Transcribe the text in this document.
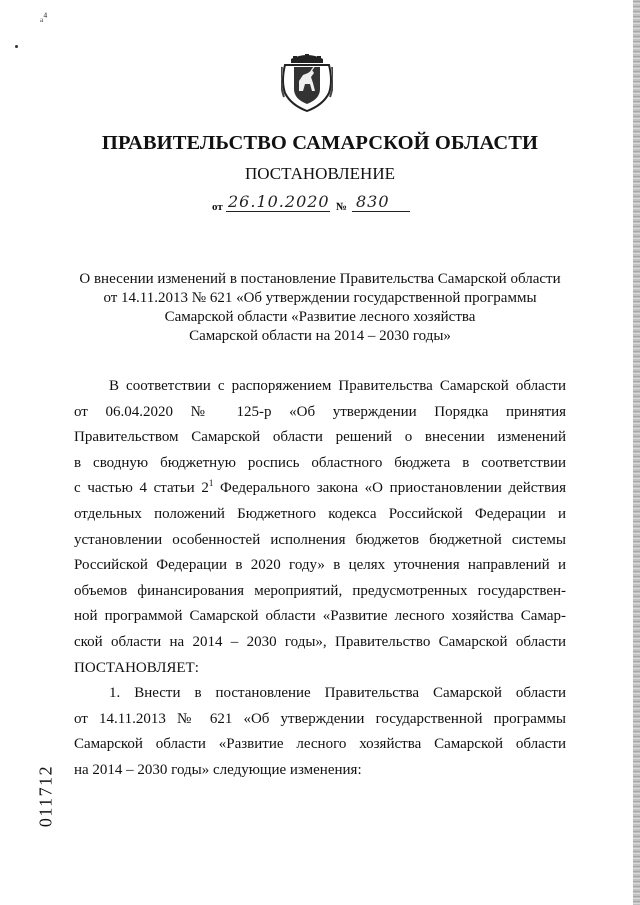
ₐ⁴
ПРАВИТЕЛЬСТВО САМАРСКОЙ ОБЛАСТИ
ПОСТАНОВЛЕНИЕ
от 26.10.2020 № 830
О внесении изменений в постановление Правительства Самарской области
от 14.11.2013 № 621 «Об утверждении государственной программы
Самарской области «Развитие лесного хозяйства
Самарской области на 2014 – 2030 годы»
В соответствии с распоряжением Правительства Самарской области
от 06.04.2020 № 125-р «Об утверждении Порядка принятия
Правительством Самарской области решений о внесении изменений
в сводную бюджетную роспись областного бюджета в соответствии
с частью 4 статьи $2^1$ Федерального закона «О приостановлении действия
отдельных положений Бюджетного кодекса Российской Федерации и
установлении особенностей исполнения бюджетов бюджетной системы
Российской Федерации в 2020 году» в целях уточнения направлений и
объемов финансирования мероприятий, предусмотренных государствен-
ной программой Самарской области «Развитие лесного хозяйства Самар-
ской области на 2014 – 2030 годы», Правительство Самарской области
ПОСТАНОВЛЯЕТ:
1. Внести в постановление Правительства Самарской области
от 14.11.2013 № 621 «Об утверждении государственной программы
Самарской области «Развитие лесного хозяйства Самарской области
на 2014 – 2030 годы» следующие изменения:
011712
